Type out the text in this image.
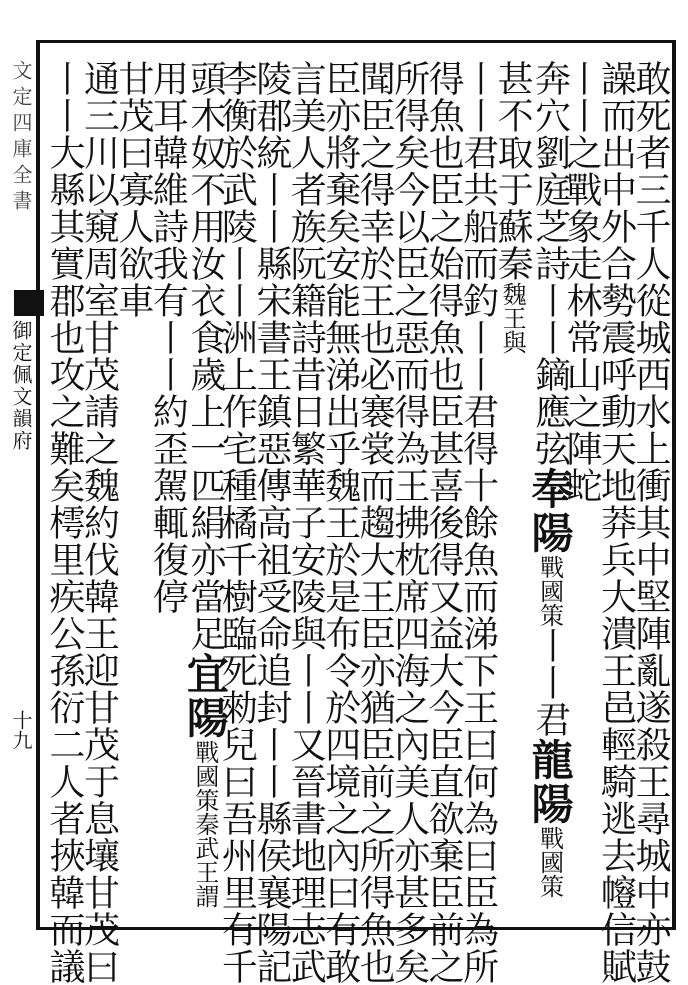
文定四庫全書
御定佩文韻府
十九	敢死者三千人從城西水上衝其中堅陣亂遂殺王尋城中亦鼓
譟而出中外合勢震呼動天地莽兵大潰王邑輕騎逃去㡧信賦
丨丨之戰象走林常山之陣蛇
奔穴劉庭芝詩丨丨鏑應弦奉陽戰國策丨丨君龍陽戰國策
甚不取于蘇秦魏王與
丨丨君共船而釣丨丨君得十餘魚而涕下王曰何為曰臣為所
得魚也臣之始得魚也臣甚喜後得又益大今臣直欲棄臣前之
所得矣今以臣之惡而得為王拂枕席四海之內美人亦甚多矣
聞臣之得幸於王也必褰裳而趨大王臣亦猶臣前之所得魚也
臣亦將棄矣安能無涕出乎魏王於是布令於四境之內曰有敢
言美人者族阮籍詩昔日繁華子安陵與丨丨又晉書地理志武
陵郡統丨丨縣宋書王鎮惡傳高祖受命追封丨丨縣侯襄陽記
李衡於武陵丨丨洲上作宅種橘千樹臨死勑兒曰吾州里有千
頭木奴不用汝衣食歲上一匹絹亦當足宜陽戰國策秦武王謂
用耳韓維詩我有丨丨約歪駕輒復停
甘茂曰寡人欲車
通三川以窺周室甘茂請之魏約伐韓王迎甘茂于息壤甘茂曰
丨丨大縣其實郡也攻之難矣樗里疾公孫衍二人者挾韓而議
